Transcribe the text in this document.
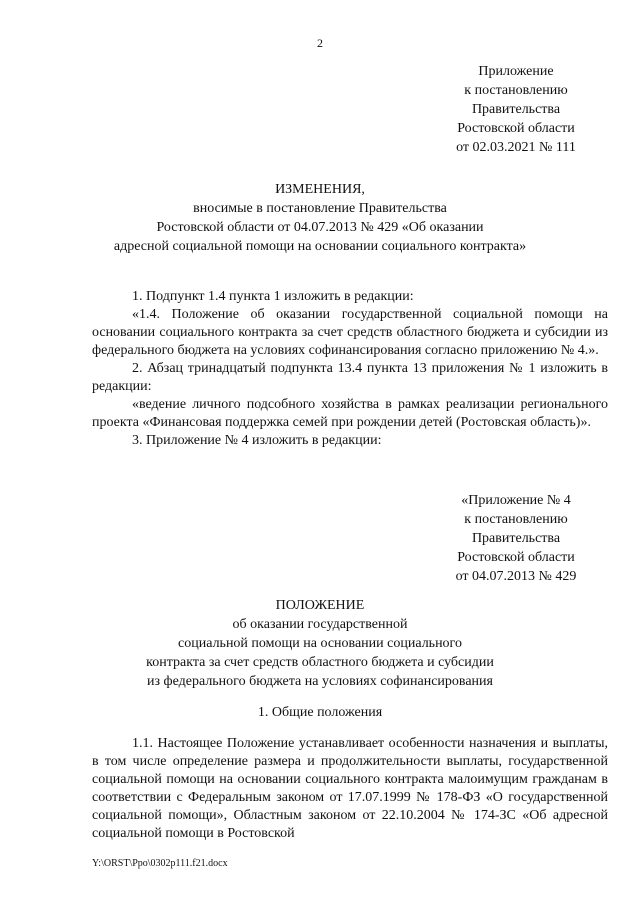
2
Приложение
к постановлению
Правительства
Ростовской области
от 02.03.2021 № 111
ИЗМЕНЕНИЯ,
вносимые в постановление Правительства
Ростовской области от 04.07.2013 № 429 «Об оказании
адресной социальной помощи на основании социального контракта»

1. Подпункт 1.4 пункта 1 изложить в редакции:

«1.4. Положение об оказании государственной социальной помощи на основании социального контракта за счет средств областного бюджета и субсидии из федерального бюджета на условиях софинансирования согласно приложению № 4.».

2. Абзац тринадцатый подпункта 13.4 пункта 13 приложения № 1 изложить в редакции:

«ведение личного подсобного хозяйства в рамках реализации регионального проекта «Финансовая поддержка семей при рождении детей (Ростовская область)».

3. Приложение № 4 изложить в редакции:

«Приложение № 4
к постановлению
Правительства
Ростовской области
от 04.07.2013 № 429
ПОЛОЖЕНИЕ
об оказании государственной
социальной помощи на основании социального
контракта за счет средств областного бюджета и субсидии
из федерального бюджета на условиях софинансирования
1. Общие положения

1.1. Настоящее Положение устанавливает особенности назначения и выплаты, в том числе определение размера и продолжительности выплаты, государственной социальной помощи на основании социального контракта малоимущим гражданам в соответствии с Федеральным законом от 17.07.1999 № 178-ФЗ «О государственной социальной помощи», Областным законом от 22.10.2004 № 174-ЗС «Об адресной социальной помощи в Ростовской

Y:\ORST\Ppo\0302p111.f21.docx
